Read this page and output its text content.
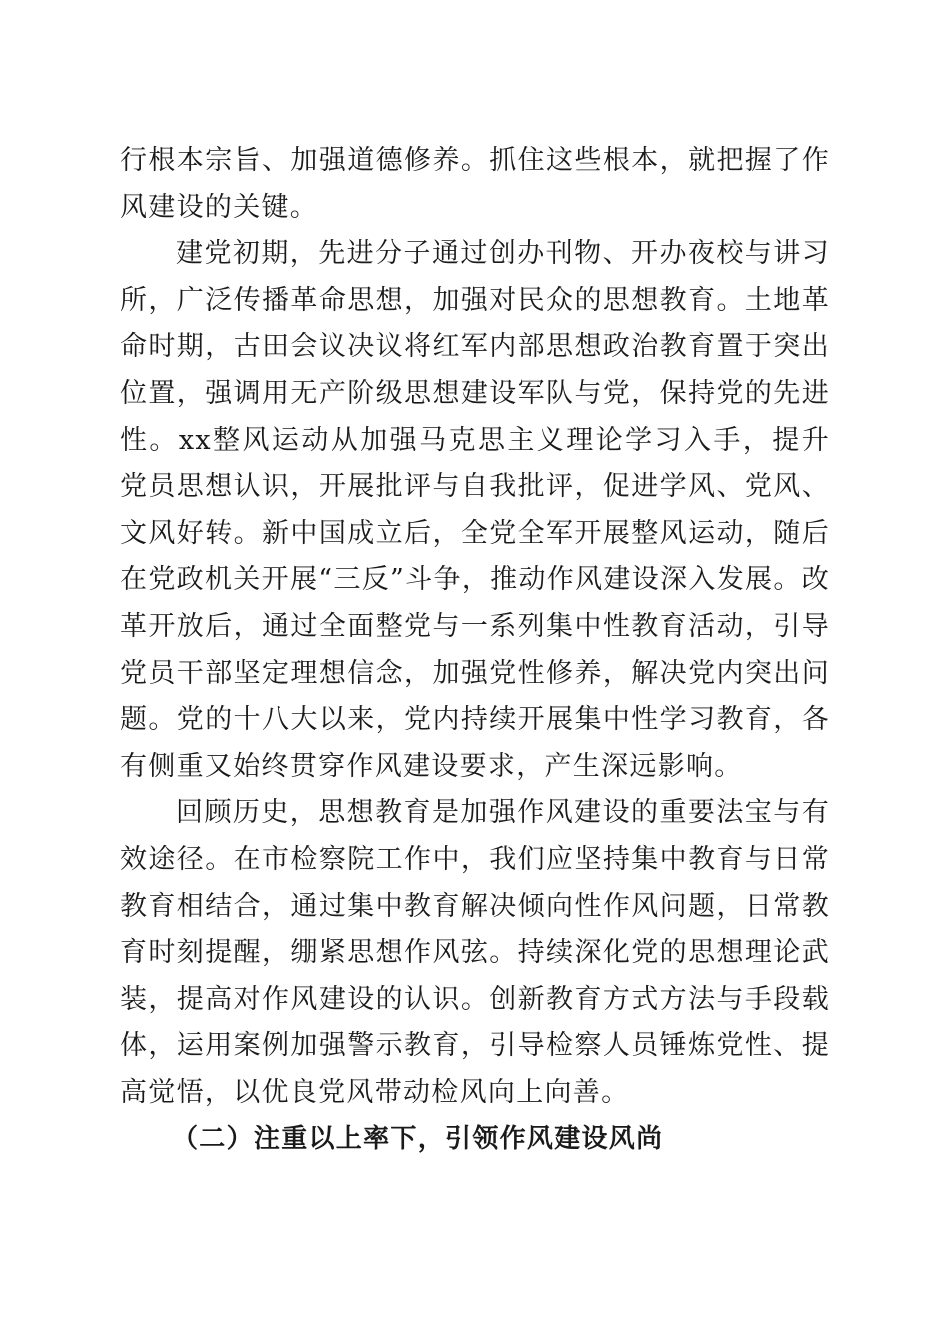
行根本宗旨、加强道德修养。抓住这些根本，就把握了作风建设的关键。

建党初期，先进分子通过创办刊物、开办夜校与讲习所，广泛传播革命思想，加强对民众的思想教育。土地革命时期，古田会议决议将红军内部思想政治教育置于突出位置，强调用无产阶级思想建设军队与党，保持党的先进性。xx整风运动从加强马克思主义理论学习入手，提升党员思想认识，开展批评与自我批评，促进学风、党风、文风好转。新中国成立后，全党全军开展整风运动，随后在党政机关开展“三反”斗争，推动作风建设深入发展。改革开放后，通过全面整党与一系列集中性教育活动，引导党员干部坚定理想信念，加强党性修养，解决党内突出问题。党的十八大以来，党内持续开展集中性学习教育，各有侧重又始终贯穿作风建设要求，产生深远影响。

回顾历史，思想教育是加强作风建设的重要法宝与有效途径。在市检察院工作中，我们应坚持集中教育与日常教育相结合，通过集中教育解决倾向性作风问题，日常教育时刻提醒，绷紧思想作风弦。持续深化党的思想理论武装，提高对作风建设的认识。创新教育方式方法与手段载体，运用案例加强警示教育，引导检察人员锤炼党性、提高觉悟，以优良党风带动检风向上向善。

（二）注重以上率下，引领作风建设风尚
